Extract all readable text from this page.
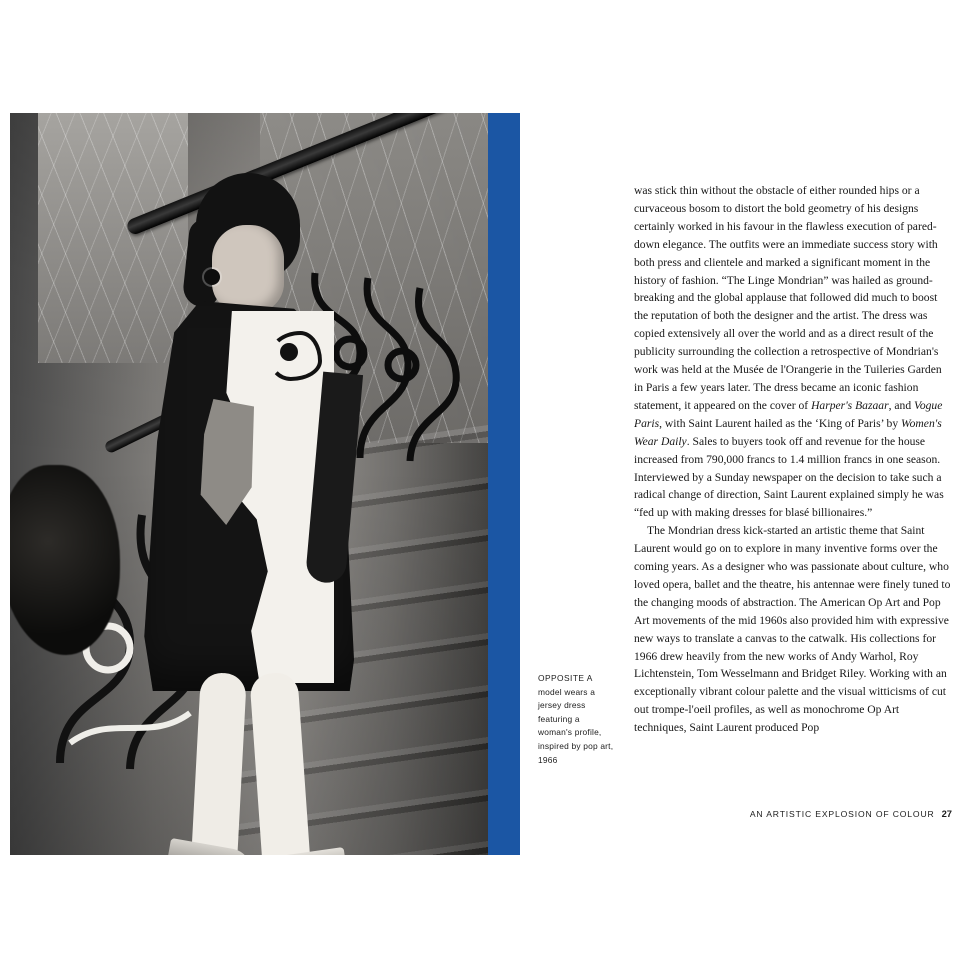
OPPOSITE A model wears a jersey dress featuring a woman's profile, inspired by pop art, 1966

was stick thin without the obstacle of either rounded hips or a curvaceous bosom to distort the bold geometry of his designs certainly worked in his favour in the flawless execution of pared-down elegance. The outfits were an immediate success story with both press and clientele and marked a significant moment in the history of fashion. “The Linge Mondrian” was hailed as ground-breaking and the global applause that followed did much to boost the reputation of both the designer and the artist. The dress was copied extensively all over the world and as a direct result of the publicity surrounding the collection a retrospective of Mondrian's work was held at the Musée de l'Orangerie in the Tuileries Garden in Paris a few years later. The dress became an iconic fashion statement, it appeared on the cover of Harper's Bazaar, and Vogue Paris, with Saint Laurent hailed as the ‘King of Paris’ by Women's Wear Daily. Sales to buyers took off and revenue for the house increased from 790,000 francs to 1.4 million francs in one season. Interviewed by a Sunday newspaper on the decision to take such a radical change of direction, Saint Laurent explained simply he was “fed up with making dresses for blasé billionaires.”

The Mondrian dress kick-started an artistic theme that Saint Laurent would go on to explore in many inventive forms over the coming years. As a designer who was passionate about culture, who loved opera, ballet and the theatre, his antennae were finely tuned to the changing moods of abstraction. The American Op Art and Pop Art movements of the mid 1960s also provided him with expressive new ways to translate a canvas to the catwalk. His collections for 1966 drew heavily from the new works of Andy Warhol, Roy Lichtenstein, Tom Wesselmann and Bridget Riley. Working with an exceptionally vibrant colour palette and the visual witticisms of cut out trompe-l'oeil profiles, as well as monochrome Op Art techniques, Saint Laurent produced Pop

AN ARTISTIC EXPLOSION OF COLOUR 27
